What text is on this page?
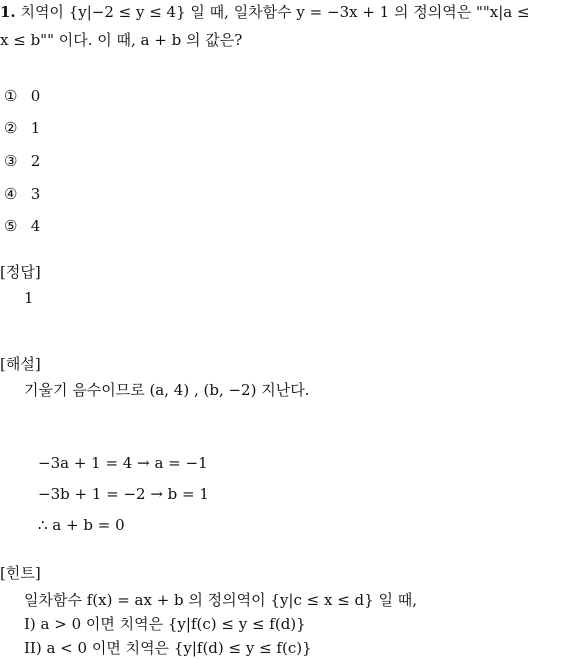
1. 치역이 {y|−2 ≤ y ≤ 4} 일 때, 일차함수 y = −3x + 1 의 정의역은 ""x|a ≤
x ≤ b"" 이다. 이 때, a + b 의 값은?
① 0
② 1
③ 2
④ 3
⑤ 4
[정답]
1
[해설]
기울기 음수이므로 (a, 4) , (b, −2) 지난다.
−3a + 1 = 4 → a = −1
−3b + 1 = −2 → b = 1
∴ a + b = 0
[힌트]
일차함수 f(x) = ax + b 의 정의역이 {y|c ≤ x ≤ d} 일 때,
I) a > 0 이면 치역은 {y|f(c) ≤ y ≤ f(d)}
II) a < 0 이면 치역은 {y|f(d) ≤ y ≤ f(c)}
